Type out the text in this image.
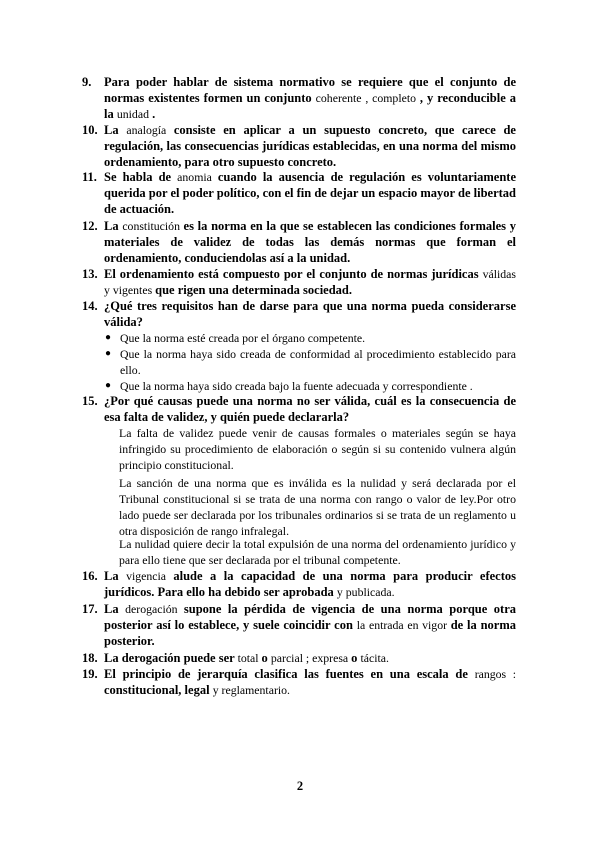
9. Para poder hablar de sistema normativo se requiere que el conjunto de normas existentes formen un conjunto coherente , completo , y reconducible a la unidad .
10. La analogía consiste en aplicar a un supuesto concreto, que carece de regulación, las consecuencias jurídicas establecidas, en una norma del mismo ordenamiento, para otro supuesto concreto.
11. Se habla de anomia cuando la ausencia de regulación es voluntariamente querida por el poder político, con el fin de dejar un espacio mayor de libertad de actuación.
12. La constitución es la norma en la que se establecen las condiciones formales y materiales de validez de todas las demás normas que forman el ordenamiento, conduciendolas así a la unidad.
13. El ordenamiento está compuesto por el conjunto de normas jurídicas válidas y vigentes que rigen una determinada sociedad.
14. ¿Qué tres requisitos han de darse para que una norma pueda considerarse válida?
● Que la norma esté creada por el órgano competente.
● Que la norma haya sido creada de conformidad al procedimiento establecido para ello.
● Que la norma haya sido creada bajo la fuente adecuada y correspondiente .
15. ¿Por qué causas puede una norma no ser válida, cuál es la consecuencia de esa falta de validez, y quién puede declararla?
La falta de validez puede venir de causas formales o materiales según se haya infringido su procedimiento de elaboración o según si su contenido vulnera algún principio constitucional.
La sanción de una norma que es inválida es la nulidad y será declarada por el Tribunal constitucional si se trata de una norma con rango o valor de ley.Por otro lado puede ser declarada por los tribunales ordinarios si se trata de un reglamento u otra disposición de rango infralegal.
La nulidad quiere decir la total expulsión de una norma del ordenamiento jurídico y para ello tiene que ser declarada por el tribunal competente.
16. La vigencia alude a la capacidad de una norma para producir efectos jurídicos. Para ello ha debido ser aprobada y publicada.
17. La derogación supone la pérdida de vigencia de una norma porque otra posterior así lo establece, y suele coincidir con la entrada en vigor de la norma posterior.
18. La derogación puede ser total o parcial ; expresa o tácita.
19. El principio de jerarquía clasifica las fuentes en una escala de rangos : constitucional, legal y reglamentario.
2
